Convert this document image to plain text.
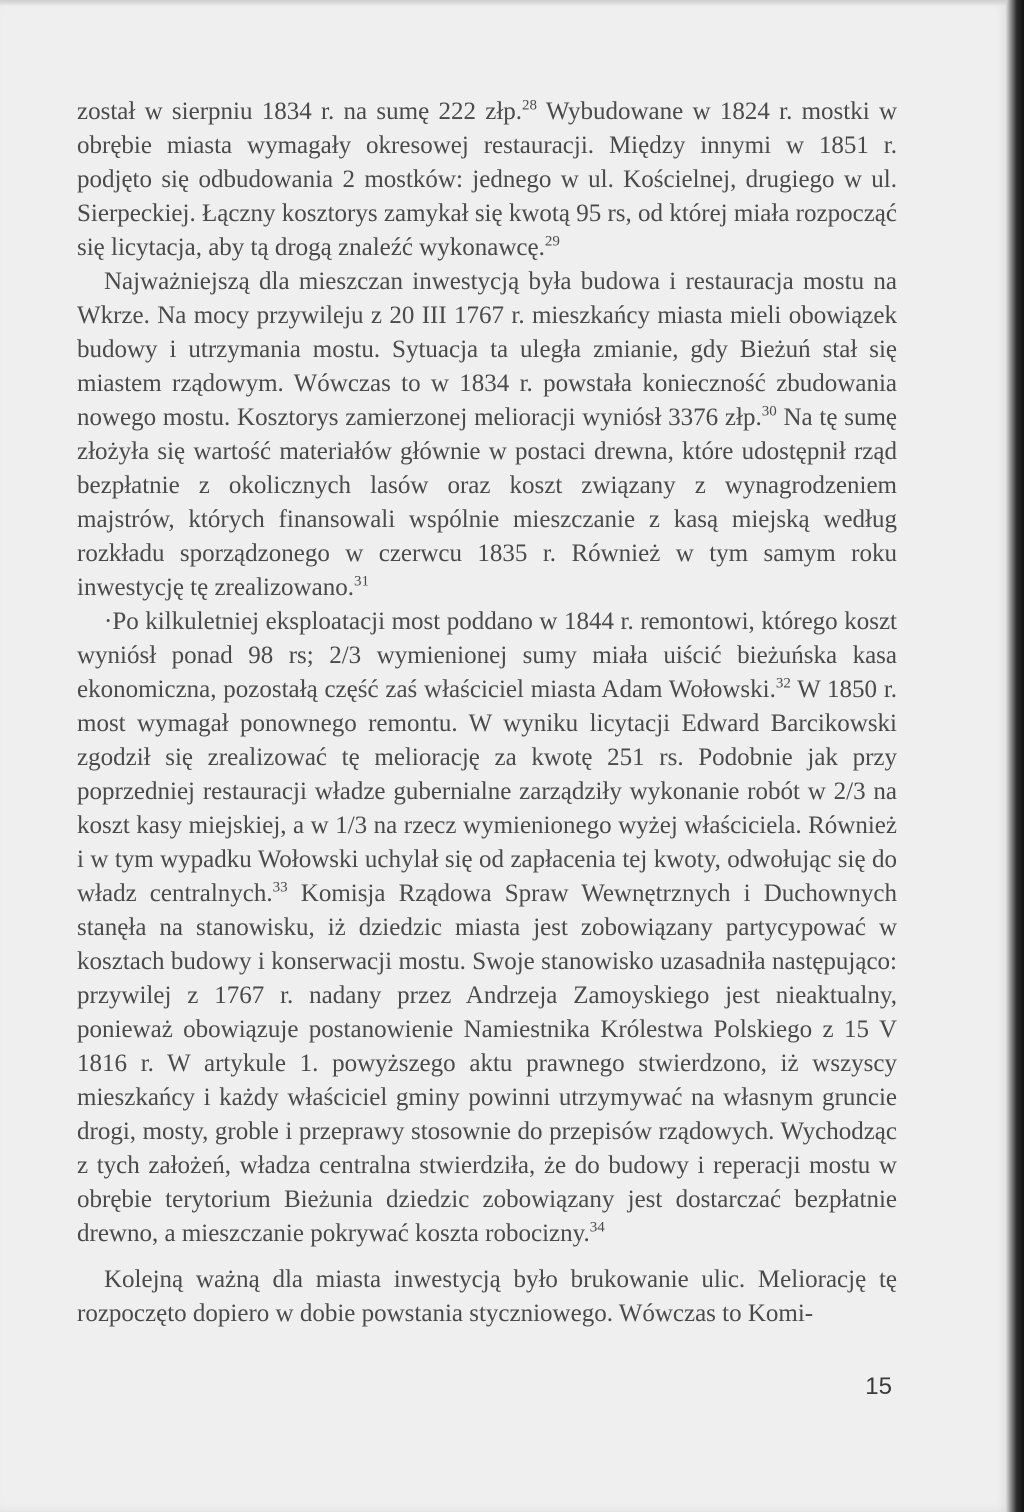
został w sierpniu 1834 r. na sumę 222 złp.$^{28}$ Wybudowane w 1824 r. mostki w obrębie miasta wymagały okresowej restauracji. Między innymi w 1851 r. podjęto się odbudowania 2 mostków: jednego w ul. Kościelnej, drugiego w ul. Sierpeckiej. Łączny kosztorys zamykał się kwotą 95 rs, od której miała rozpocząć się licytacja, aby tą drogą znaleźć wykonawcę.$^{29}$

Najważniejszą dla mieszczan inwestycją była budowa i restauracja mostu na Wkrze. Na mocy przywileju z 20 III 1767 r. mieszkańcy miasta mieli obowiązek budowy i utrzymania mostu. Sytuacja ta uległa zmianie, gdy Bieżuń stał się miastem rządowym. Wówczas to w 1834 r. powstała konieczność zbudowania nowego mostu. Kosztorys zamierzonej melioracji wyniósł 3376 złp.$^{30}$ Na tę sumę złożyła się wartość materiałów głównie w postaci drewna, które udostępnił rząd bezpłatnie z okolicznych lasów oraz koszt związany z wynagrodzeniem majstrów, których finansowali wspólnie mieszczanie z kasą miejską według rozkładu sporządzonego w czerwcu 1835 r. Również w tym samym roku inwestycję tę zrealizowano.$^{31}$

·Po kilkuletniej eksploatacji most poddano w 1844 r. remontowi, którego koszt wyniósł ponad 98 rs; 2/3 wymienionej sumy miała uiścić bieżuńska kasa ekonomiczna, pozostałą część zaś właściciel miasta Adam Wołowski.$^{32}$ W 1850 r. most wymagał ponownego remontu. W wyniku licytacji Edward Barcikowski zgodził się zrealizować tę meliorację za kwotę 251 rs. Podobnie jak przy poprzedniej restauracji władze gubernialne zarządziły wykonanie robót w 2/3 na koszt kasy miejskiej, a w 1/3 na rzecz wymienionego wyżej właściciela. Również i w tym wypadku Wołowski uchylał się od zapłacenia tej kwoty, odwołując się do władz centralnych.$^{33}$ Komisja Rządowa Spraw Wewnętrznych i Duchownych stanęła na stanowisku, iż dziedzic miasta jest zobowiązany partycypować w kosztach budowy i konserwacji mostu. Swoje stanowisko uzasadniła następująco: przywilej z 1767 r. nadany przez Andrzeja Zamoyskiego jest nieaktualny, ponieważ obowiązuje postanowienie Namiestnika Królestwa Polskiego z 15 V 1816 r. W artykule 1. powyższego aktu prawnego stwierdzono, iż wszyscy mieszkańcy i każdy właściciel gminy powinni utrzymywać na własnym gruncie drogi, mosty, groble i przeprawy stosownie do przepisów rządowych. Wychodząc z tych założeń, władza centralna stwierdziła, że do budowy i reperacji mostu w obrębie terytorium Bieżunia dziedzic zobowiązany jest dostarczać bezpłatnie drewno, a mieszczanie pokrywać koszta robocizny.$^{34}$

Kolejną ważną dla miasta inwestycją było brukowanie ulic. Meliorację tę rozpoczęto dopiero w dobie powstania styczniowego. Wówczas to Komi-

15
